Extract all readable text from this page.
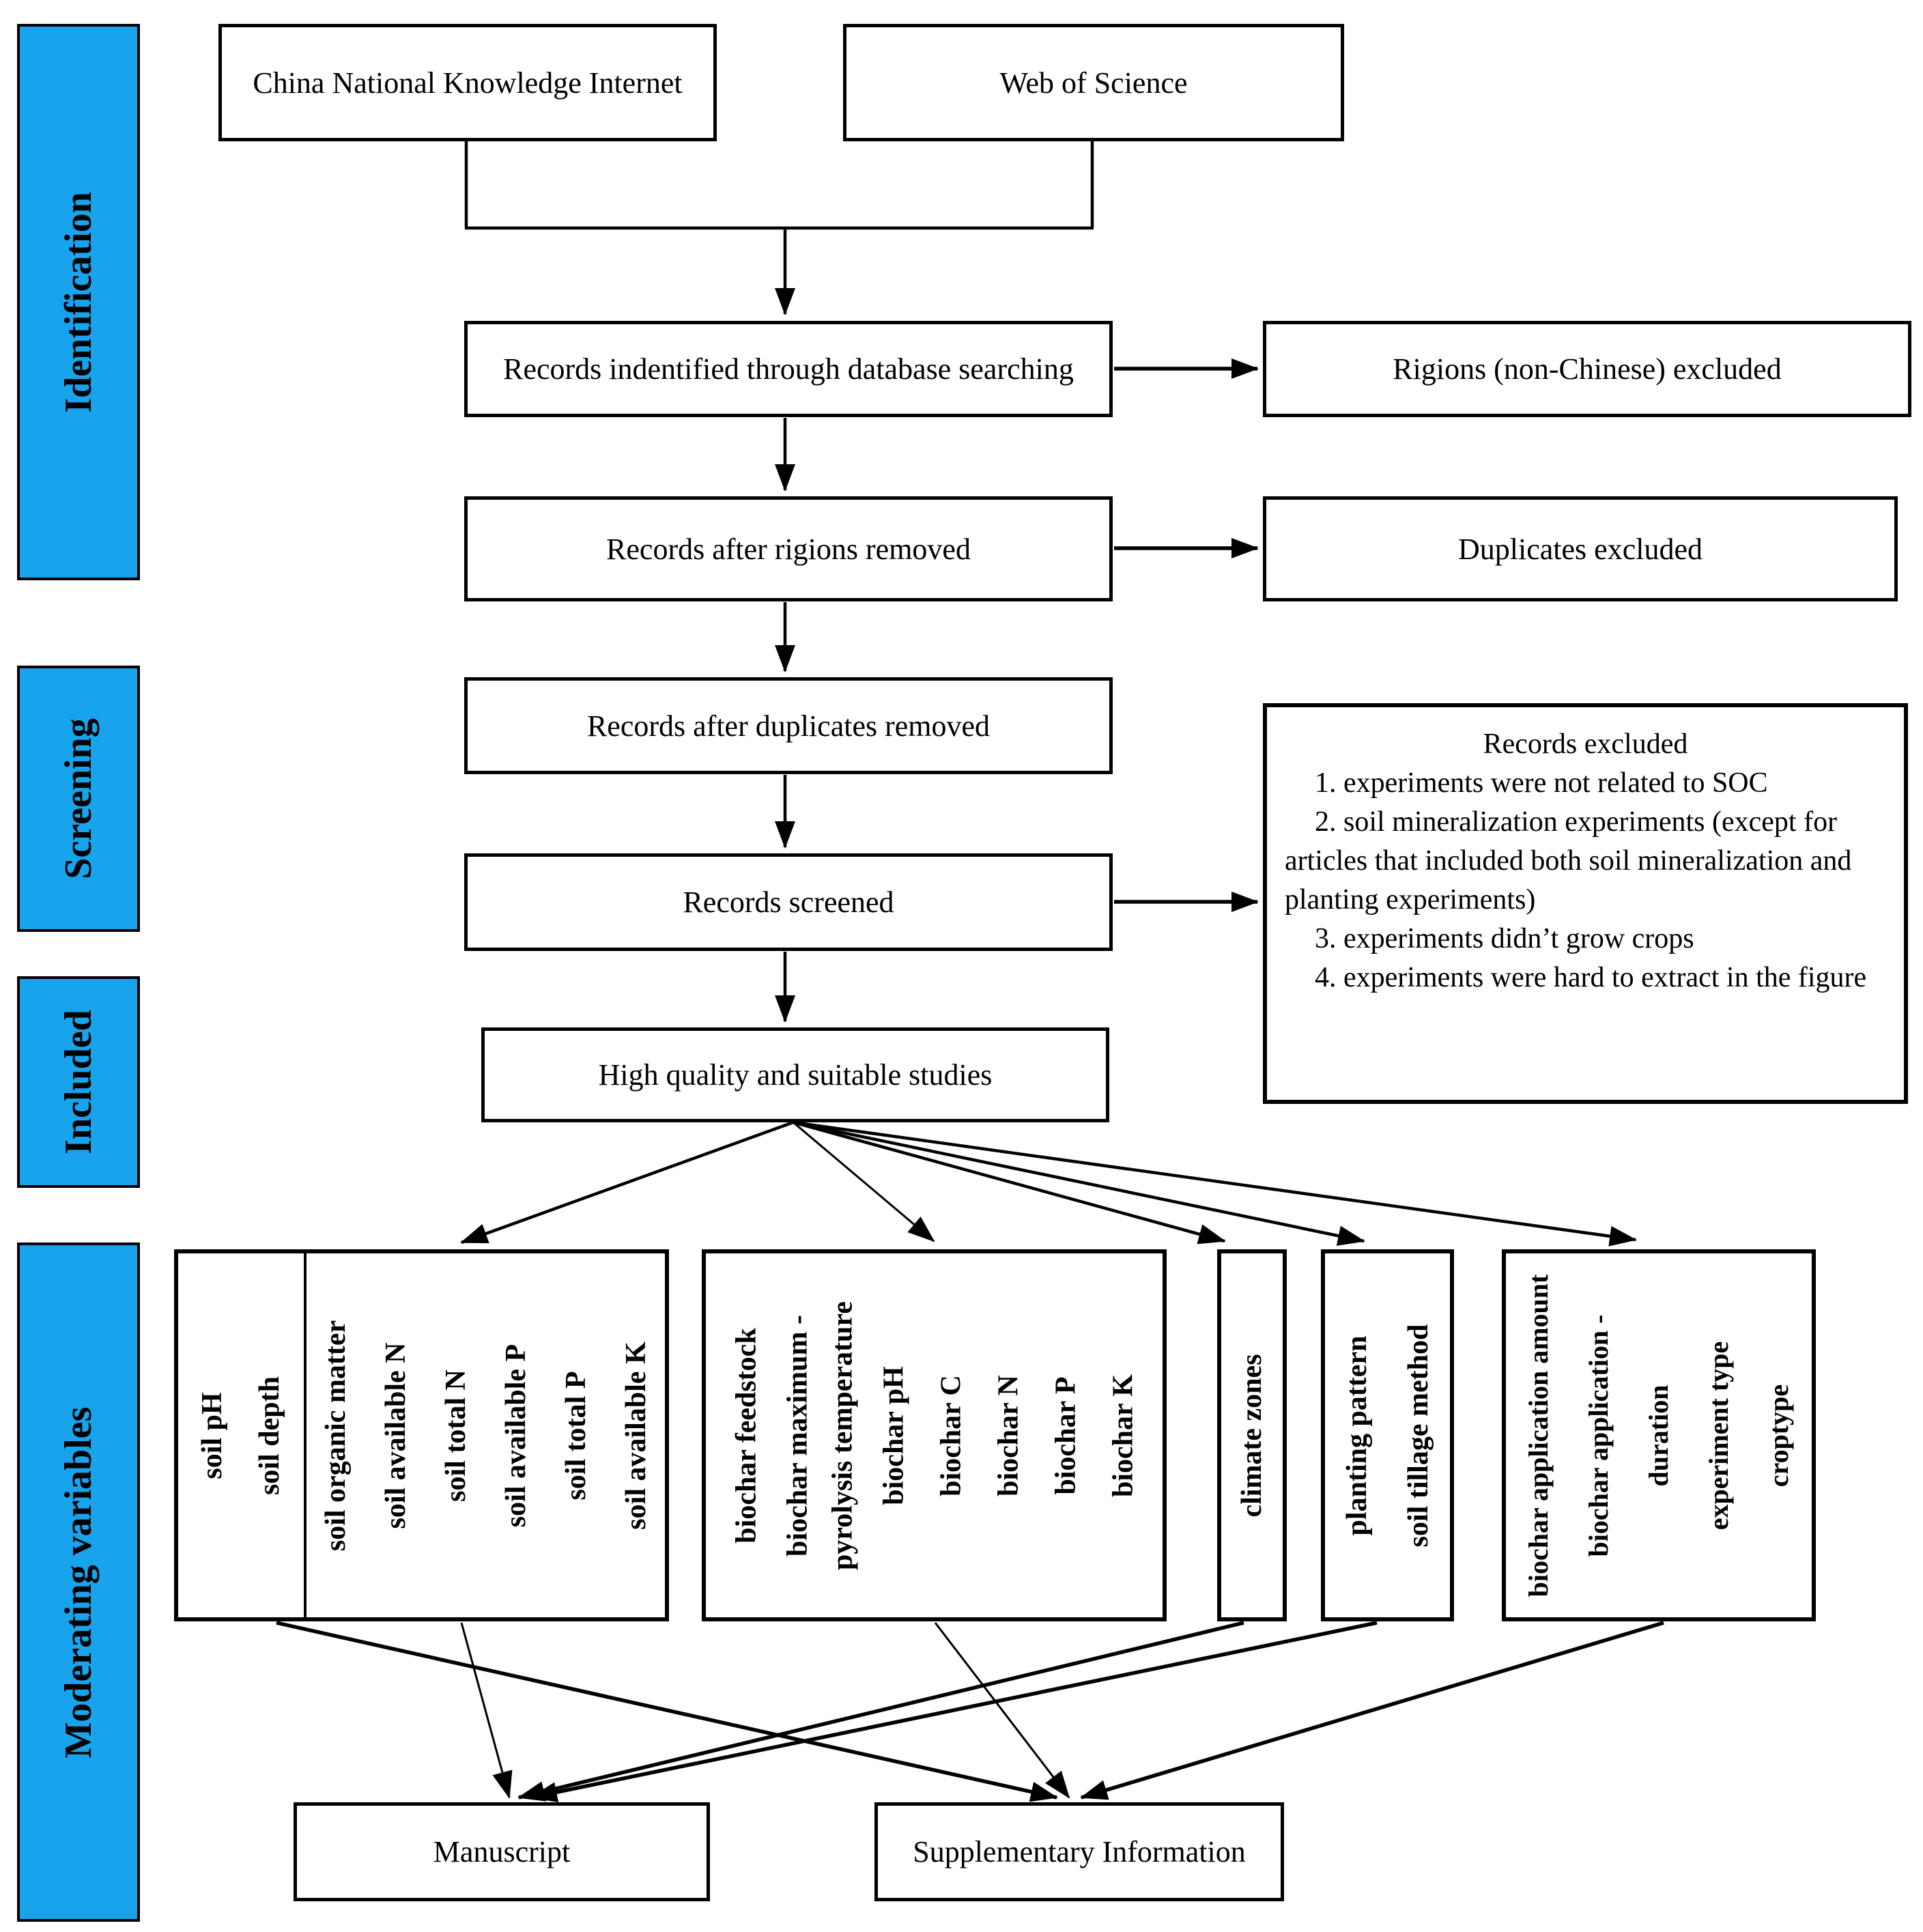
Identification
Screening
Included
Moderating variables
China National Knowledge Internet	Web of Science
Records indentified through database searching	Rigions (non-Chinese) excluded
Records after rigions removed	Duplicates excluded
Records after duplicates removed
Records screened
High quality and suitable studies
Records excluded
1. experiments were not related to SOC
2. soil mineralization experiments (except for articles that included both soil mineralization and planting experiments)
3. experiments didn’t grow crops
4. experiments were hard to extract in the figure
soil pH soil depth	soil organic matter	soil available N	soil total N	soil available P	soil total P	soil available K	biochar feedstock biochar maximum - pyrolysis temperature biochar pH biochar C biochar N biochar P biochar K	climate zones	planting pattern	soil tillage method	biochar application amount	biochar application -	duration	experiment type	croptype
Manuscript	Supplementary Information
